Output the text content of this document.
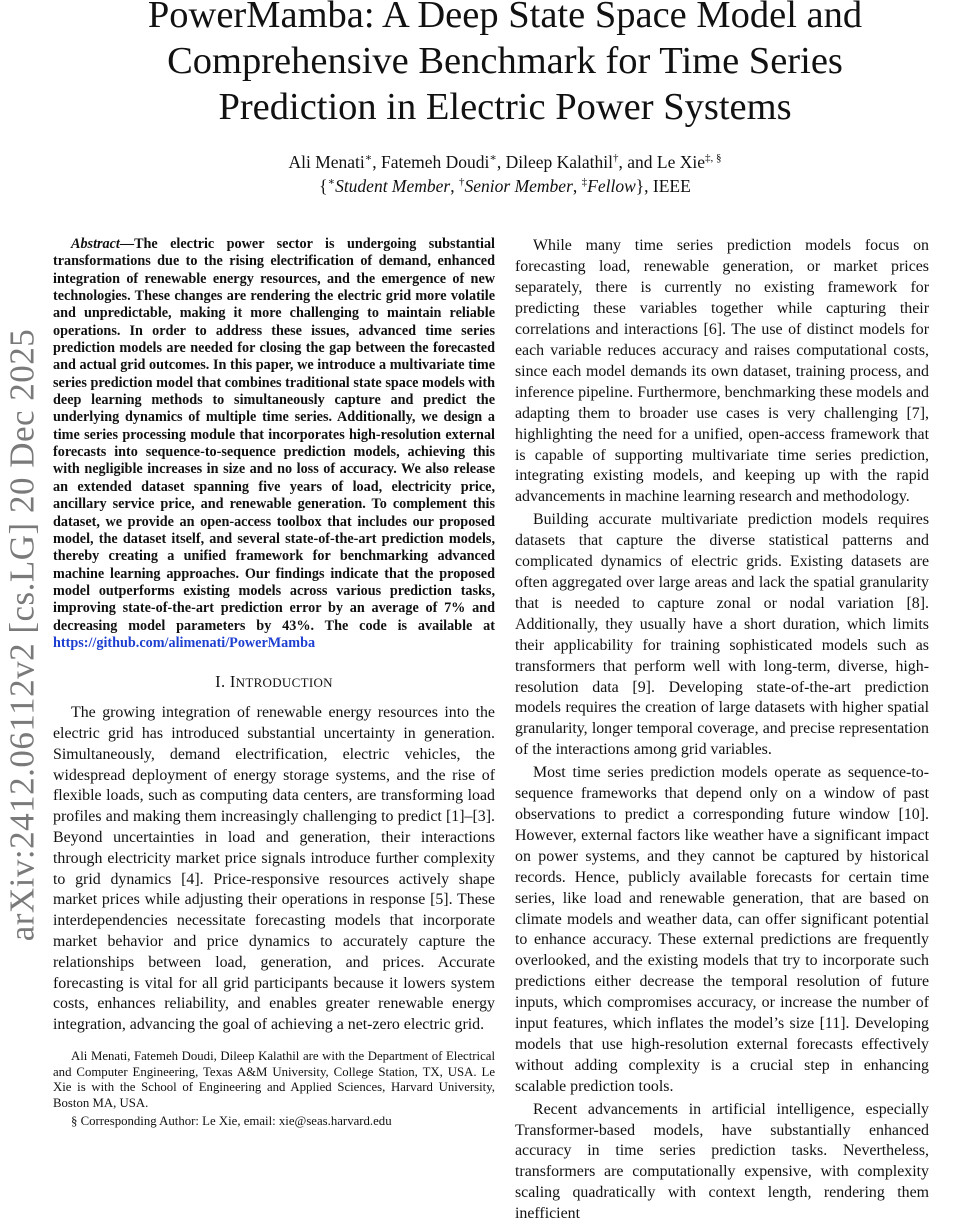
arXiv:2412.06112v2 [cs.LG] 20 Dec 2025
PowerMamba: A Deep State Space Model and
Comprehensive Benchmark for Time Series
Prediction in Electric Power Systems
Ali Menati∗, Fatemeh Doudi∗, Dileep Kalathil†, and Le Xie‡, §
{∗Student Member, †Senior Member, ‡Fellow}, IEEE

Abstract—The electric power sector is undergoing substantial transformations due to the rising electrification of demand, enhanced integration of renewable energy resources, and the emergence of new technologies. These changes are rendering the electric grid more volatile and unpredictable, making it more challenging to maintain reliable operations. In order to address these issues, advanced time series prediction models are needed for closing the gap between the forecasted and actual grid outcomes. In this paper, we introduce a multivariate time series prediction model that combines traditional state space models with deep learning methods to simultaneously capture and predict the underlying dynamics of multiple time series. Additionally, we design a time series processing module that incorporates high-resolution external forecasts into sequence-to-sequence prediction models, achieving this with negligible increases in size and no loss of accuracy. We also release an extended dataset spanning five years of load, electricity price, ancillary service price, and renewable generation. To complement this dataset, we provide an open-access toolbox that includes our proposed model, the dataset itself, and several state-of-the-art prediction models, thereby creating a unified framework for benchmarking advanced machine learning approaches. Our findings indicate that the proposed model outperforms existing models across various prediction tasks, improving state-of-the-art prediction error by an average of 7% and decreasing model parameters by 43%. The code is available at https://github.com/alimenati/PowerMamba

I. INTRODUCTION

The growing integration of renewable energy resources into the electric grid has introduced substantial uncertainty in generation. Simultaneously, demand electrification, electric vehicles, the widespread deployment of energy storage systems, and the rise of flexible loads, such as computing data centers, are transforming load profiles and making them increasingly challenging to predict [1]–[3]. Beyond uncertainties in load and generation, their interactions through electricity market price signals introduce further complexity to grid dynamics [4]. Price-responsive resources actively shape market prices while adjusting their operations in response [5]. These interdependencies necessitate forecasting models that incorporate market behavior and price dynamics to accurately capture the relationships between load, generation, and prices. Accurate forecasting is vital for all grid participants because it lowers system costs, enhances reliability, and enables greater renewable energy integration, advancing the goal of achieving a net-zero electric grid.

Ali Menati, Fatemeh Doudi, Dileep Kalathil are with the Department of Electrical and Computer Engineering, Texas A&M University, College Station, TX, USA. Le Xie is with the School of Engineering and Applied Sciences, Harvard University, Boston MA, USA.

§ Corresponding Author: Le Xie, email: xie@seas.harvard.edu

While many time series prediction models focus on forecasting load, renewable generation, or market prices separately, there is currently no existing framework for predicting these variables together while capturing their correlations and interactions [6]. The use of distinct models for each variable reduces accuracy and raises computational costs, since each model demands its own dataset, training process, and inference pipeline. Furthermore, benchmarking these models and adapting them to broader use cases is very challenging [7], highlighting the need for a unified, open-access framework that is capable of supporting multivariate time series prediction, integrating existing models, and keeping up with the rapid advancements in machine learning research and methodology.

Building accurate multivariate prediction models requires datasets that capture the diverse statistical patterns and complicated dynamics of electric grids. Existing datasets are often aggregated over large areas and lack the spatial granularity that is needed to capture zonal or nodal variation [8]. Additionally, they usually have a short duration, which limits their applicability for training sophisticated models such as transformers that perform well with long-term, diverse, high-resolution data [9]. Developing state-of-the-art prediction models requires the creation of large datasets with higher spatial granularity, longer temporal coverage, and precise representation of the interactions among grid variables.

Most time series prediction models operate as sequence-to-sequence frameworks that depend only on a window of past observations to predict a corresponding future window [10]. However, external factors like weather have a significant impact on power systems, and they cannot be captured by historical records. Hence, publicly available forecasts for certain time series, like load and renewable generation, that are based on climate models and weather data, can offer significant potential to enhance accuracy. These external predictions are frequently overlooked, and the existing models that try to incorporate such predictions either decrease the temporal resolution of future inputs, which compromises accuracy, or increase the number of input features, which inflates the model’s size [11]. Developing models that use high-resolution external forecasts effectively without adding complexity is a crucial step in enhancing scalable prediction tools.

Recent advancements in artificial intelligence, especially Transformer-based models, have substantially enhanced accuracy in time series prediction tasks. Nevertheless, transformers are computationally expensive, with complexity scaling quadratically with context length, rendering them inefficient
